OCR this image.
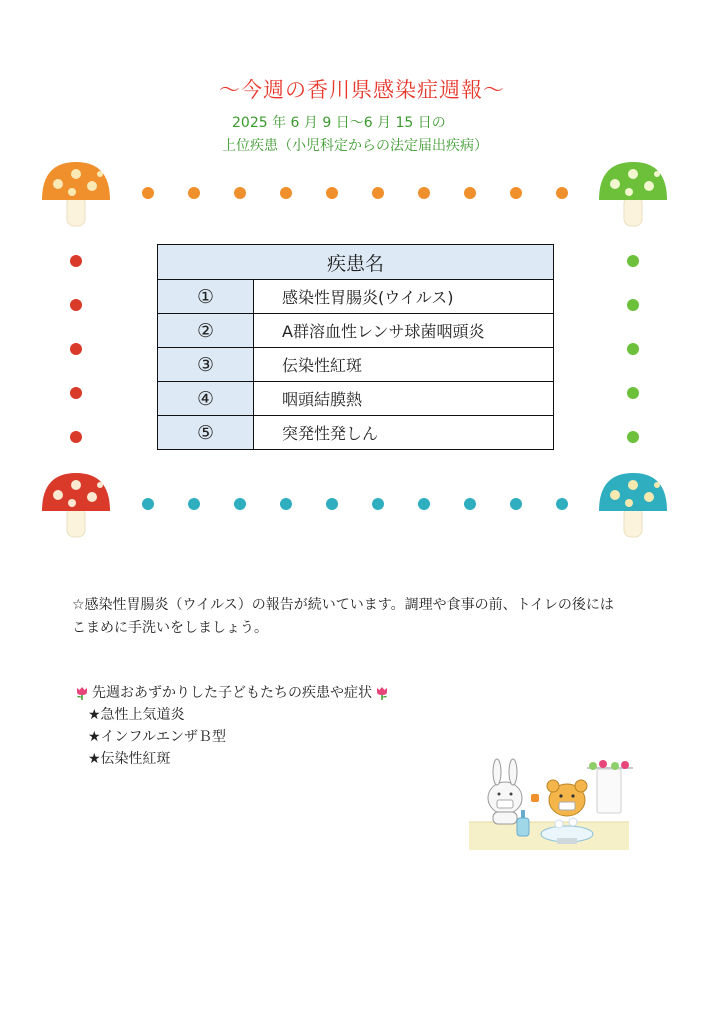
～今週の香川県感染症週報～
2025 年 6 月 9 日～6 月 15 日の
上位疾患（小児科定からの法定届出疾病）
疾患名	
①	感染性胃腸炎(ウイルス)
②	A群溶血性レンサ球菌咽頭炎
③	伝染性紅斑
④	咽頭結膜熱
⑤	突発性発しん
☆感染性胃腸炎（ウイルス）の報告が続いています。調理や食事の前、トイレの後には
こまめに手洗いをしましょう。
先週おあずかりした子どもたちの疾患や症状
★急性上気道炎
★インフルエンザＢ型
★伝染性紅斑
